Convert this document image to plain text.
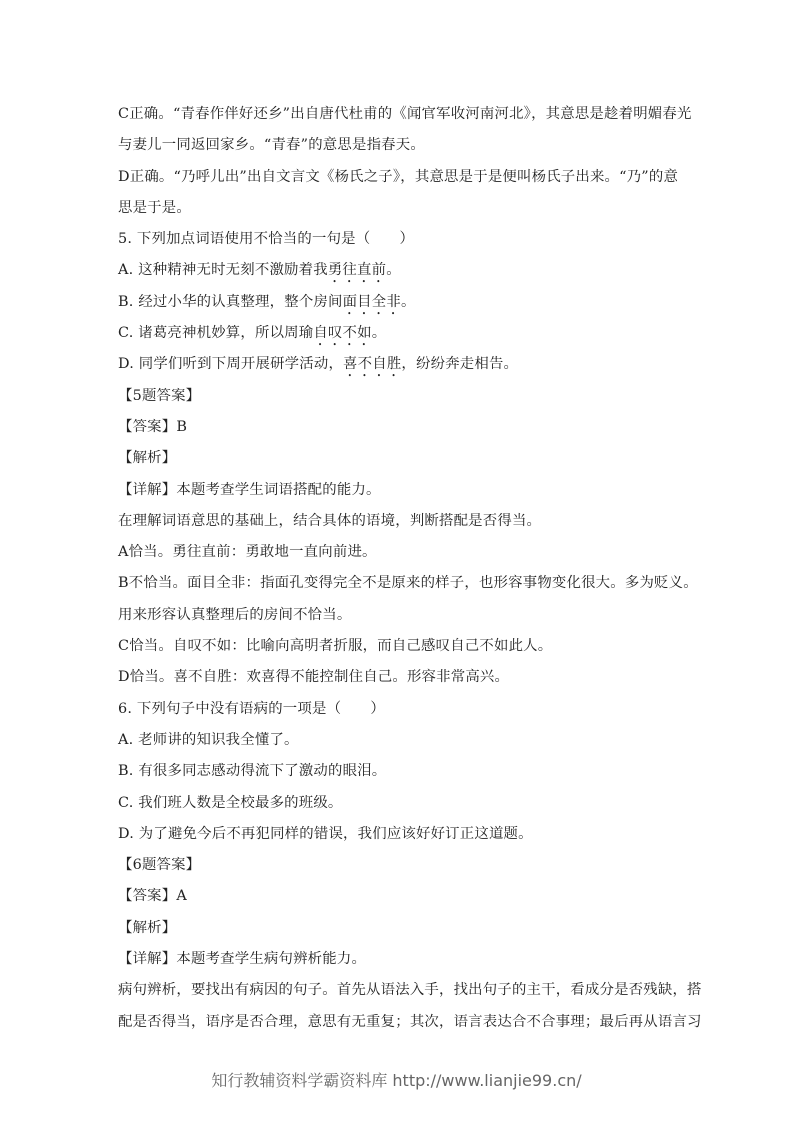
C正确。“青春作伴好还乡”出自唐代杜甫的《闻官军收河南河北》，其意思是趁着明媚春光
与妻儿一同返回家乡。“青春”的意思是指春天。
D正确。“乃呼儿出”出自文言文《杨氏之子》，其意思是于是便叫杨氏子出来。“乃”的意
思是于是。
5. 下列加点词语使用不恰当的一句是（　　）
A. 这种精神无时无刻不激励着我勇往直前。
B. 经过小华的认真整理，整个房间面目全非。
C. 诸葛亮神机妙算，所以周瑜自叹不如。
D. 同学们听到下周开展研学活动，喜不自胜，纷纷奔走相告。
【5题答案】
【答案】B
【解析】
【详解】本题考查学生词语搭配的能力。
在理解词语意思的基础上，结合具体的语境，判断搭配是否得当。
A恰当。勇往直前：勇敢地一直向前进。
B不恰当。面目全非：指面孔变得完全不是原来的样子，也形容事物变化很大。多为贬义。
用来形容认真整理后的房间不恰当。
C恰当。自叹不如：比喻向高明者折服，而自己感叹自己不如此人。
D恰当。喜不自胜：欢喜得不能控制住自己。形容非常高兴。
6. 下列句子中没有语病的一项是（　　）
A. 老师讲的知识我全懂了。
B. 有很多同志感动得流下了激动的眼泪。
C. 我们班人数是全校最多的班级。
D. 为了避免今后不再犯同样的错误，我们应该好好订正这道题。
【6题答案】
【答案】A
【解析】
【详解】本题考查学生病句辨析能力。
病句辨析，要找出有病因的句子。首先从语法入手，找出句子的主干，看成分是否残缺，搭
配是否得当，语序是否合理，意思有无重复；其次，语言表达合不合事理；最后再从语言习
知行教辅资料学霸资料库 http://www.lianjie99.cn/
